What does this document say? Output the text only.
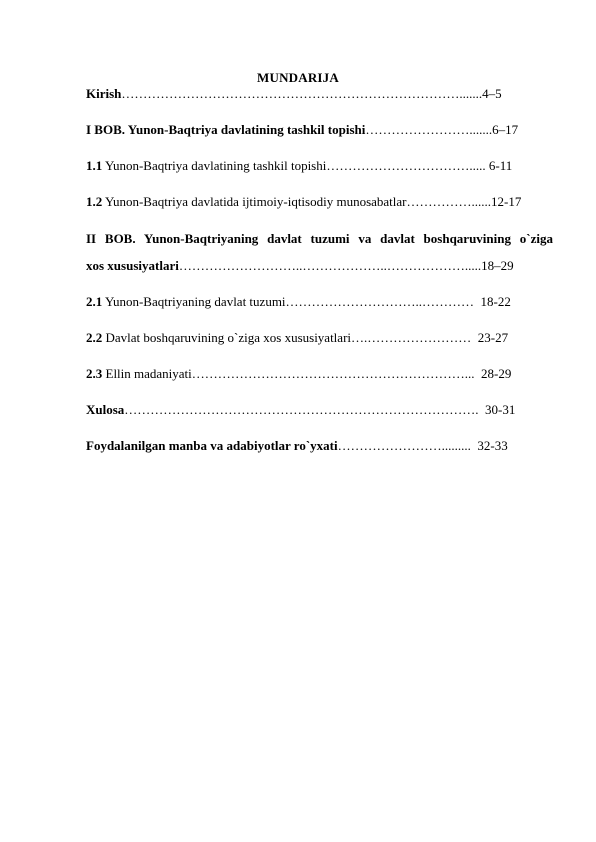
MUNDARIJA
Kirish…………………………………………………………………….......4–5
I BOB. Yunon-Baqtriya davlatining tashkil topishi…………………….......6–17
1.1 Yunon-Baqtriya davlatining tashkil topishi……………………………..... 6-11
1.2 Yunon-Baqtriya davlatida ijtimoiy-iqtisodiy munosabatlar……………......12-17
II BOB. Yunon-Baqtriyaning davlat tuzumi va davlat boshqaruvining o`ziga
xos xususiyatlari………………………..………………..……………….....18–29
2.1 Yunon-Baqtriyaning davlat tuzumi…………………………..…………  18-22
2.2 Davlat boshqaruvining o`ziga xos xususiyatlari….……………………  23-27
2.3 Ellin madaniyati………………………………………………………...  28-29
Xulosa……………………………………………………………………….  30-31
Foydalanilgan manba va adabiyotlar ro`yxati…………………….........  32-33
